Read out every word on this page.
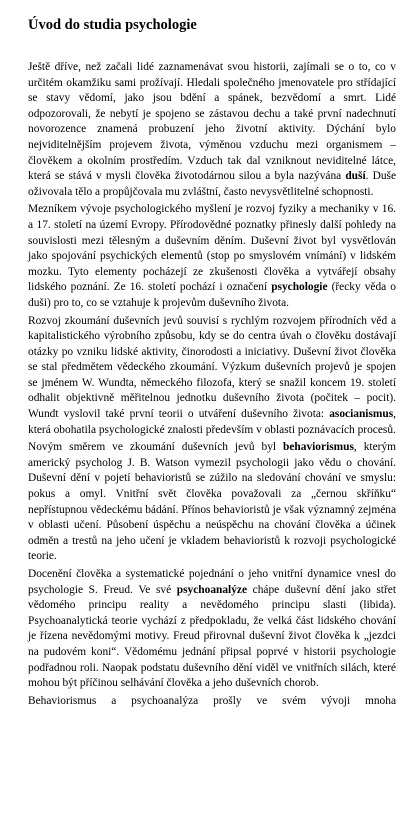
Úvod do studia psychologie

Ještě dříve, než začali lidé zaznamenávat svou historii, zajímali se o to, co v určitém okamžiku sami prožívají. Hledali společného jmenovatele pro střídající se stavy vědomí, jako jsou bdění a spánek, bezvědomí a smrt. Lidé odpozorovali, že nebytí je spojeno se zástavou dechu a také první nadechnutí novorozence znamená probuzení jeho životní aktivity. Dýchání bylo nejviditelnějším projevem života, výměnou vzduchu mezi organismem – člověkem a okolním prostředím. Vzduch tak dal vzniknout neviditelné látce, která se stává v mysli člověka životodárnou silou a byla nazývána duší. Duše oživovala tělo a propůjčovala mu zvláštní, často nevysvětlitelné schopnosti.

Mezníkem vývoje psychologického myšlení je rozvoj fyziky a mechaniky v 16. a 17. století na území Evropy. Přírodovědné poznatky přinesly další pohledy na souvislosti mezi tělesným a duševním děním. Duševní život byl vysvětlován jako spojování psychických elementů (stop po smyslovém vnímání) v lidském mozku. Tyto elementy pocházejí ze zkušenosti člověka a vytvářejí obsahy lidského poznání. Ze 16. století pochází i označení psychologie (řecky věda o duši) pro to, co se vztahuje k projevům duševního života.

Rozvoj zkoumání duševních jevů souvisí s rychlým rozvojem přírodních věd a kapitalistického výrobního způsobu, kdy se do centra úvah o člověku dostávají otázky po vzniku lidské aktivity, činorodosti a iniciativy. Duševní život člověka se stal předmětem vědeckého zkoumání. Výzkum duševních projevů je spojen se jménem W. Wundta, německého filozofa, který se snažil koncem 19. století odhalit objektivně měřitelnou jednotku duševního života (počitek – pocit). Wundt vyslovil také první teorii o utváření duševního života: asocianismus, která obohatila psychologické znalosti především v oblasti poznávacích procesů.

Novým směrem ve zkoumání duševních jevů byl behaviorismus, kterým americký psycholog J. B. Watson vymezil psychologii jako vědu o chování. Duševní dění v pojetí behavioristů se zúžilo na sledování chování ve smyslu: pokus a omyl. Vnitřní svět člověka považovali za „černou skříňku“ nepřístupnou vědeckému bádání. Přínos behavioristů je však významný zejména v oblasti učení. Působení úspěchu a neúspěchu na chování člověka a účinek odměn a trestů na jeho učení je vkladem behavioristů k rozvoji psychologické teorie.

Docenění člověka a systematické pojednání o jeho vnitřní dynamice vnesl do psychologie S. Freud. Ve své psychoanalýze chápe duševní dění jako střet vědomého principu reality a nevědomého principu slasti (libida). Psychoanalytická teorie vychází z předpokladu, že velká část lidského chování je řízena nevědomými motivy. Freud přirovnal duševní život člověka k „jezdci na pudovém koni“. Vědomému jednání připsal poprvé v historii psychologie podřadnou roli. Naopak podstatu duševního dění viděl ve vnitřních silách, které mohou být příčinou selhávání člověka a jeho duševních chorob.

Behaviorismus a psychoanalýza prošly ve svém vývoji mnoha
